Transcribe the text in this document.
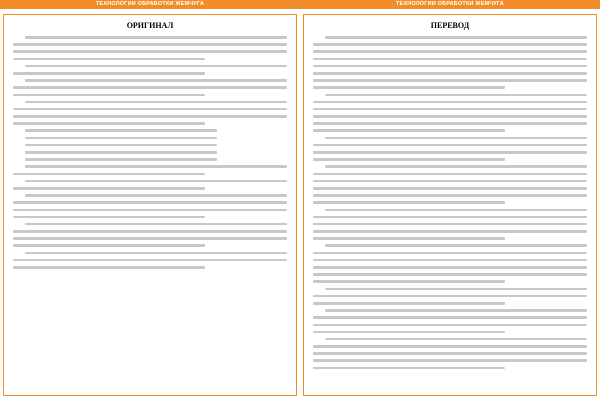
ТЕХНОЛОГИИ ОБРАБОТКИ ЖЕМЧУГА	ТЕХНОЛОГИИ ОБРАБОТКИ ЖЕМЧУГА
ОРИГИНАЛ	ПЕРЕВОД
